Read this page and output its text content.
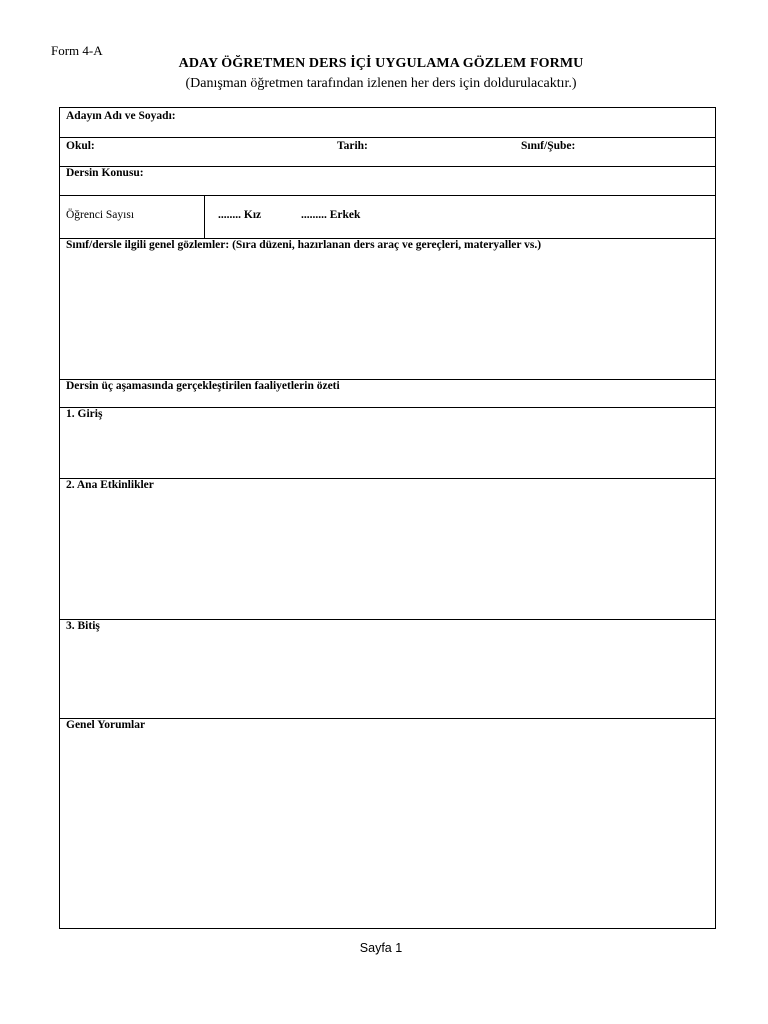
Form 4-A
ADAY ÖĞRETMEN DERS İÇİ UYGULAMA GÖZLEM FORMU
(Danışman öğretmen tarafından izlenen her ders için doldurulacaktır.)
Adayın Adı ve Soyadı:
Okul:	Tarih:	Sınıf/Şube:
Dersin Konusu:
Öğrenci Sayısı	........ Kız	......... Erkek
Sınıf/dersle ilgili genel gözlemler: (Sıra düzeni, hazırlanan ders araç ve gereçleri, materyaller vs.)
Dersin üç aşamasında gerçekleştirilen faaliyetlerin özeti
1. Giriş
2. Ana Etkinlikler
3. Bitiş
Genel Yorumlar
Sayfa 1
